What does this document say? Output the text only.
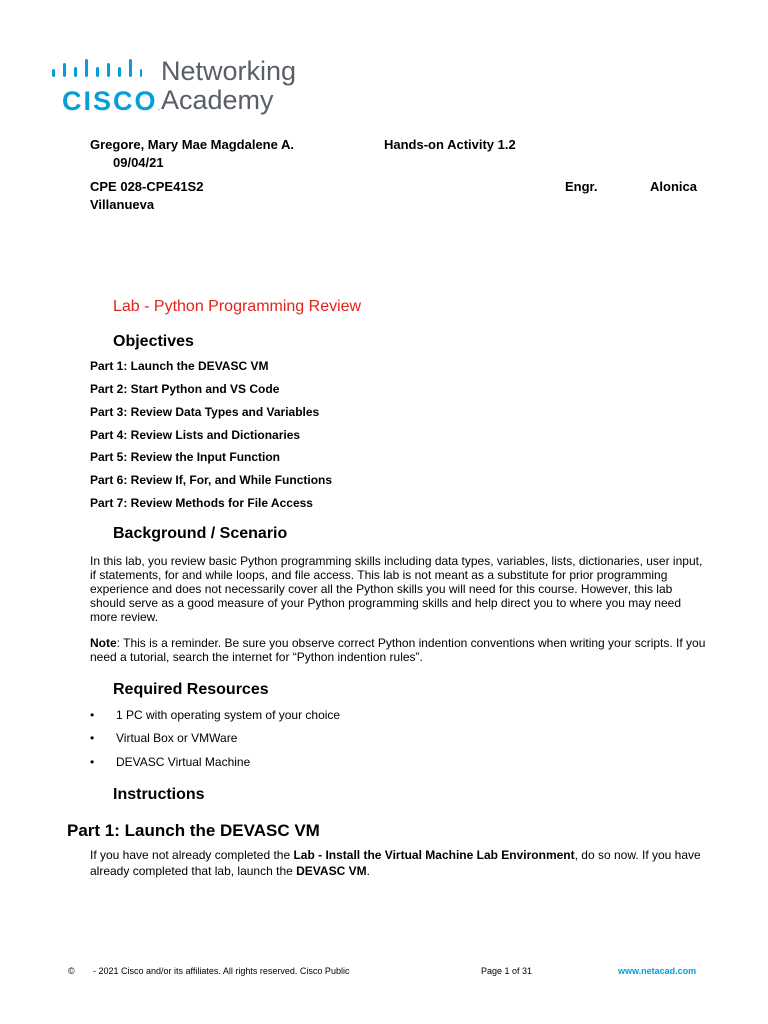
CISCO.
Networking
Academy
Gregore, Mary Mae Magdalene A.	Hands-on Activity 1.2
09/04/21
CPE 028-CPE41S2	Engr.	Alonica
Villanueva
Lab - Python Programming Review
Objectives
Part 1: Launch the DEVASC VM
Part 2: Start Python and VS Code
Part 3: Review Data Types and Variables
Part 4: Review Lists and Dictionaries
Part 5: Review the Input Function
Part 6: Review If, For, and While Functions
Part 7: Review Methods for File Access
Background / Scenario
In this lab, you review basic Python programming skills including data types, variables, lists, dictionaries, user input, if statements, for and while loops, and file access. This lab is not meant as a substitute for prior programming experience and does not necessarily cover all the Python skills you will need for this course. However, this lab should serve as a good measure of your Python programming skills and help direct you to where you may need more review.
Note: This is a reminder. Be sure you observe correct Python indention conventions when writing your scripts. If you need a tutorial, search the internet for “Python indention rules”.
Required Resources
• 1 PC with operating system of your choice
• Virtual Box or VMWare
• DEVASC Virtual Machine
Instructions
Part 1: Launch the DEVASC VM
If you have not already completed the Lab - Install the Virtual Machine Lab Environment, do so now. If you have already completed that lab, launch the DEVASC VM.
© - 2021 Cisco and/or its affiliates. All rights reserved. Cisco Public	Page 1 of 31	www.netacad.com
